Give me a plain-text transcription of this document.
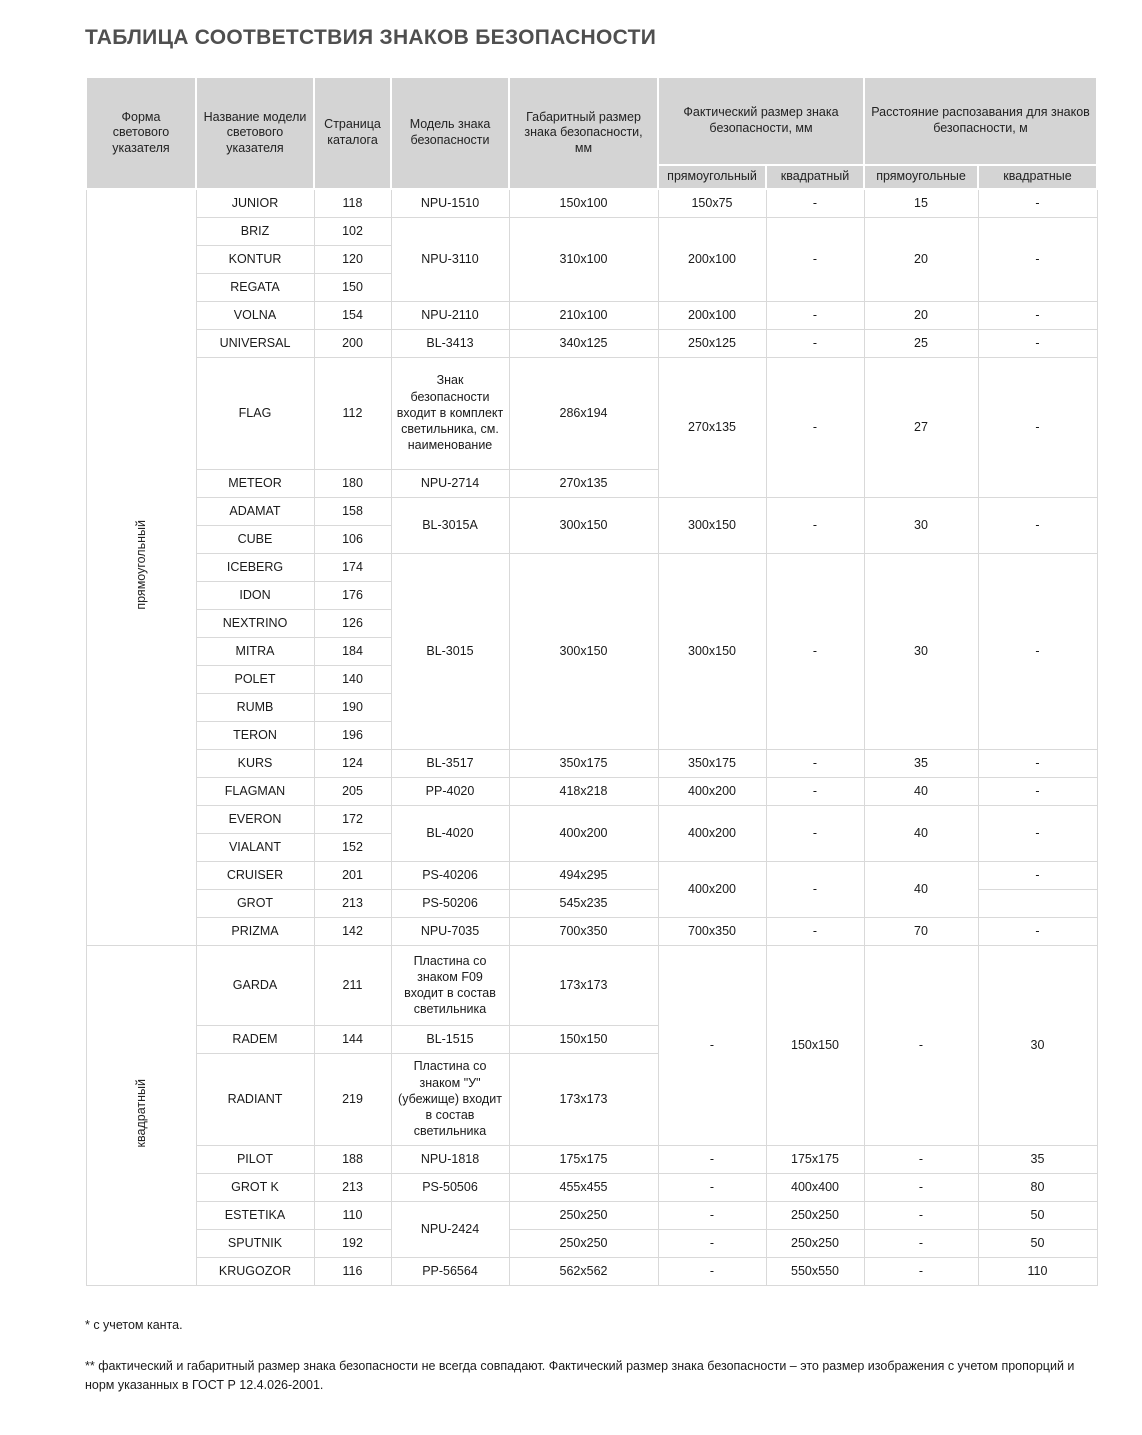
ТАБЛИЦА СООТВЕТСТВИЯ ЗНАКОВ БЕЗОПАСНОСТИ
Форма светового указателя	Название модели светового указателя	Страница каталога	Модель знака безопасности	Габаритный размер знака безопасности, мм	Фактический размер знака безопасности, мм		Расстояние распозавания для знаков безопасности, м	
					прямоугольный	квадратный	прямоугольные	квадратные
прямоугольный	JUNIOR	118	NPU-1510	150x100	150x75	-	15	-
	BRIZ	102	NPU-3110	310x100	200x100	-	20	-
	KONTUR	120						
	REGATA	150						
	VOLNA	154	NPU-2110	210x100	200x100	-	20	-
	UNIVERSAL	200	BL-3413	340x125	250x125	-	25	-
	FLAG	112	Знак безопасности входит в комплект светильника, см. наименование	286x194	270x135	-	27	-
	METEOR	180	NPU-2714	270x135				
	ADAMAT	158	BL-3015A	300x150	300x150	-	30	-
	CUBE	106						
	ICEBERG	174	BL-3015	300x150	300x150	-	30	-
	IDON	176						
	NEXTRINO	126						
	MITRA	184						
	POLET	140						
	RUMB	190						
	TERON	196						
	KURS	124	BL-3517	350x175	350x175	-	35	-
	FLAGMAN	205	PP-4020	418x218	400x200	-	40	-
	EVERON	172	BL-4020	400x200	400x200	-	40	-
	VIALANT	152						
	CRUISER	201	PS-40206	494x295	400x200	-	40	-
	GROT	213	PS-50206	545x235				
	PRIZMA	142	NPU-7035	700x350	700x350	-	70	-
квадратный	GARDA	211	Пластина со знаком F09 входит в состав светильника	173x173	-	150x150	-	30
	RADEM	144	BL-1515	150x150				
	RADIANT	219	Пластина со знаком "У" (убежище) входит в состав светильника	173x173				
	PILOT	188	NPU-1818	175x175	-	175x175	-	35
	GROT K	213	PS-50506	455x455	-	400x400	-	80
	ESTETIKA	110	NPU-2424	250x250	-	250x250	-	50
	SPUTNIK	192		250x250	-	250x250	-	50
	KRUGOZOR	116	PP-56564	562x562	-	550x550	-	110

* с учетом канта.

** фактический и габаритный размер знака безопасности не всегда совпадают. Фактический размер знака безопасности – это размер изображения с учетом пропорций и норм указанных в ГОСТ Р 12.4.026-2001.
